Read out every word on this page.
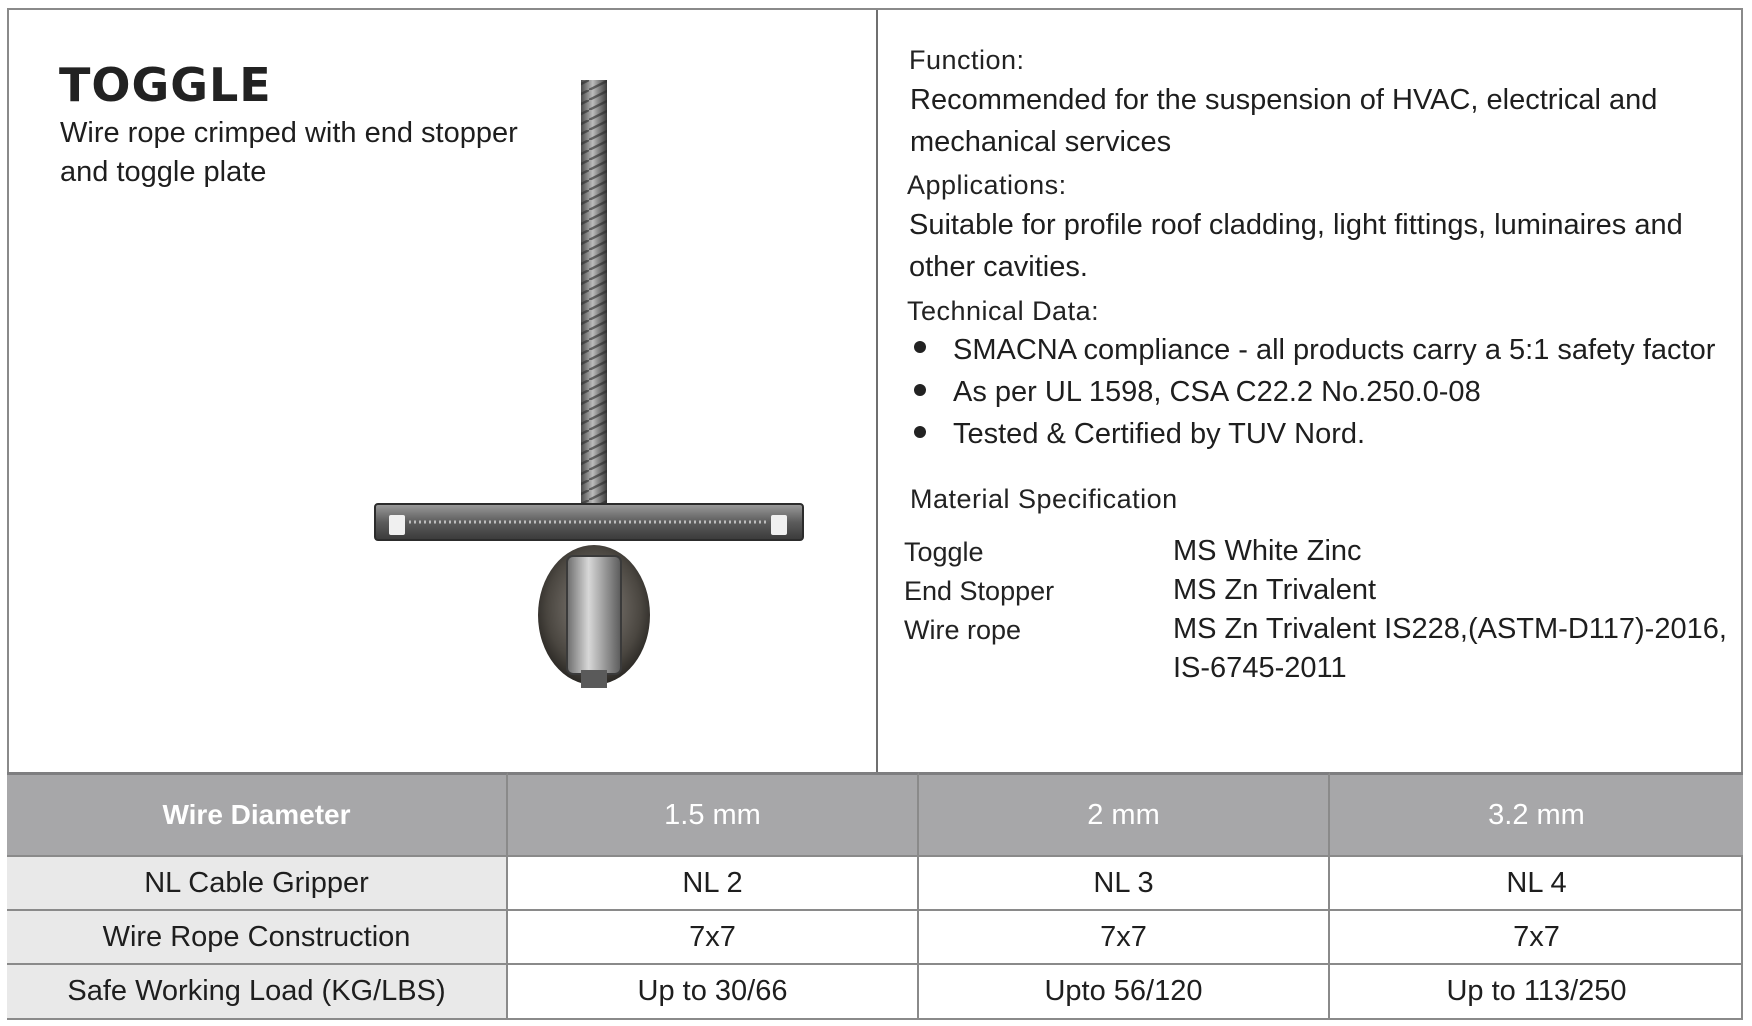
TOGGLE
Wire rope crimped with end stopper
and toggle plate
Function:
Recommended for the suspension of HVAC, electrical and
mechanical services
Applications:
Suitable for profile roof cladding, light fittings, luminaires and
other cavities.
Technical Data:
SMACNA compliance - all products carry a 5:1 safety factor
As per UL 1598, CSA C22.2 No.250.0-08
Tested & Certified by TUV Nord.
Material Specification
Toggle	MS White Zinc
End Stopper	MS Zn Trivalent
Wire rope	MS Zn Trivalent IS228,(ASTM-D117)-2016,
IS-6745-2011
Wire Diameter	1.5 mm	2 mm	3.2 mm
NL Cable Gripper	NL 2	NL 3	NL 4
Wire Rope Construction	7x7	7x7	7x7
Safe Working Load (KG/LBS)	Up to 30/66	Upto 56/120	Up to 113/250
